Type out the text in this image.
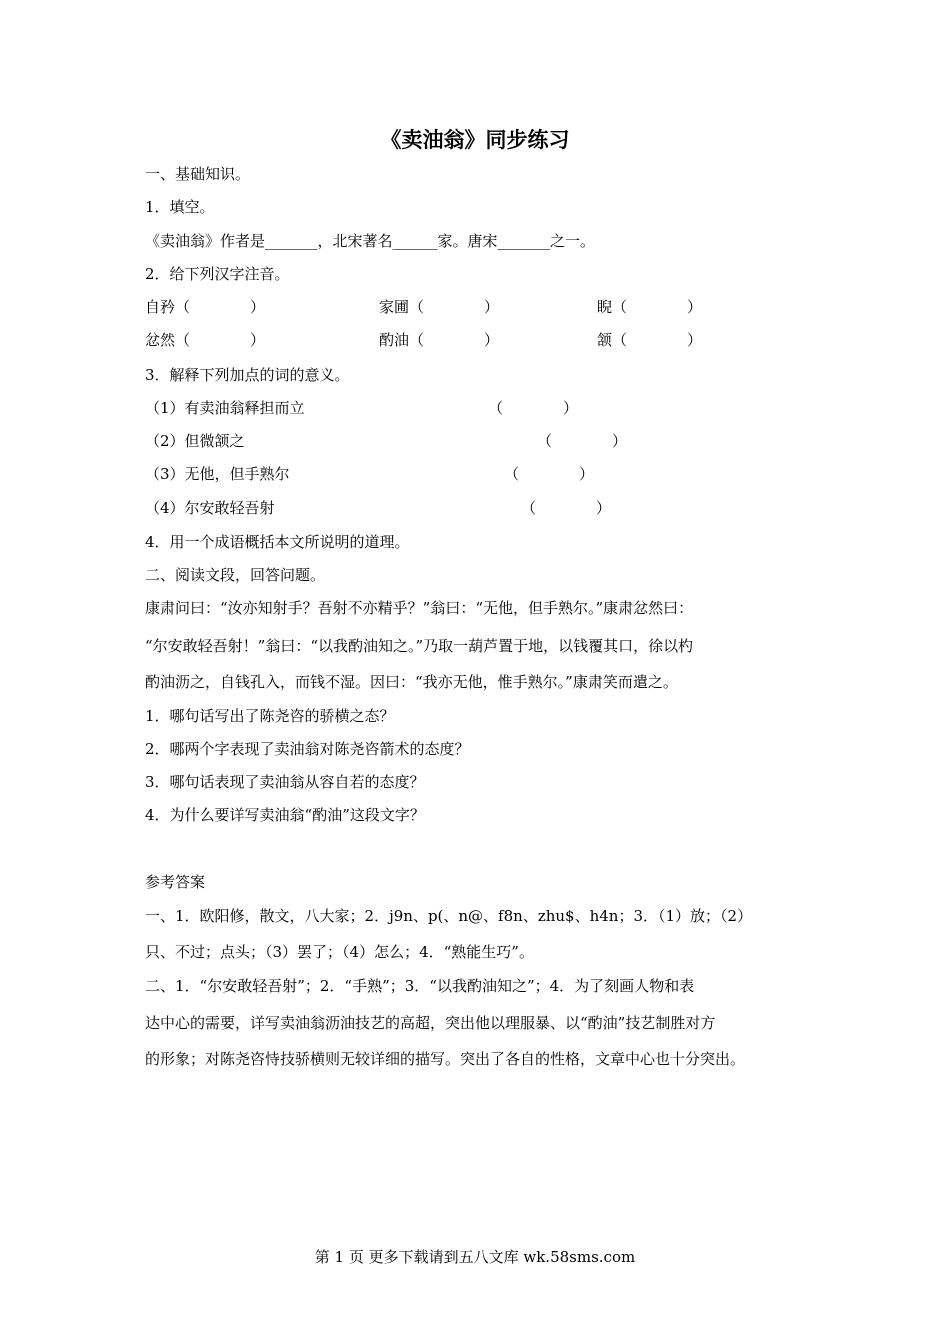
《卖油翁》同步练习
一、基础知识。
1．填空。
《卖油翁》作者是_______，北宋著名______家。唐宋_______之一。
2．给下列汉字注音。
自矜（　　　　）	家圃（　　　　）	睨（　　　　）
忿然（　　　　）	酌油（　　　　）	颔（　　　　）
3．解释下列加点的词的意义。
（1）有卖油翁释担而立	（　　　　）
（2）但微颔之	（　　　　）
（3）无他，但手熟尔	（　　　　）
（4）尔安敢轻吾射	（　　　　）
4．用一个成语概括本文所说明的道理。
二、阅读文段，回答问题。
康肃问曰：“汝亦知射手？吾射不亦精乎？”翁曰：“无他，但手熟尔。”康肃忿然曰：
“尔安敢轻吾射！”翁曰：“以我酌油知之。”乃取一葫芦置于地，以钱覆其口，徐以杓
酌油沥之，自钱孔入，而钱不湿。因曰：“我亦无他，惟手熟尔。”康肃笑而遣之。
1．哪句话写出了陈尧咨的骄横之态？
2．哪两个字表现了卖油翁对陈尧咨箭术的态度？
3．哪句话表现了卖油翁从容自若的态度？
4．为什么要详写卖油翁“酌油”这段文字？
参考答案
一、1．欧阳修，散文，八大家；2．j9n、p(、n@、f8n、zhu$、h4n；3．（1）放；（2）
只、不过；点头；（3）罢了；（4）怎么；4．“熟能生巧”。
二、1．“尔安敢轻吾射”；2．“手熟”；3．“以我酌油知之”；4．为了刻画人物和表
达中心的需要，详写卖油翁沥油技艺的高超，突出他以理服暴、以“酌油”技艺制胜对方
的形象；对陈尧咨恃技骄横则无较详细的描写。突出了各自的性格，文章中心也十分突出。
第 1 页 更多下载请到五八文库 wk.58sms.com
